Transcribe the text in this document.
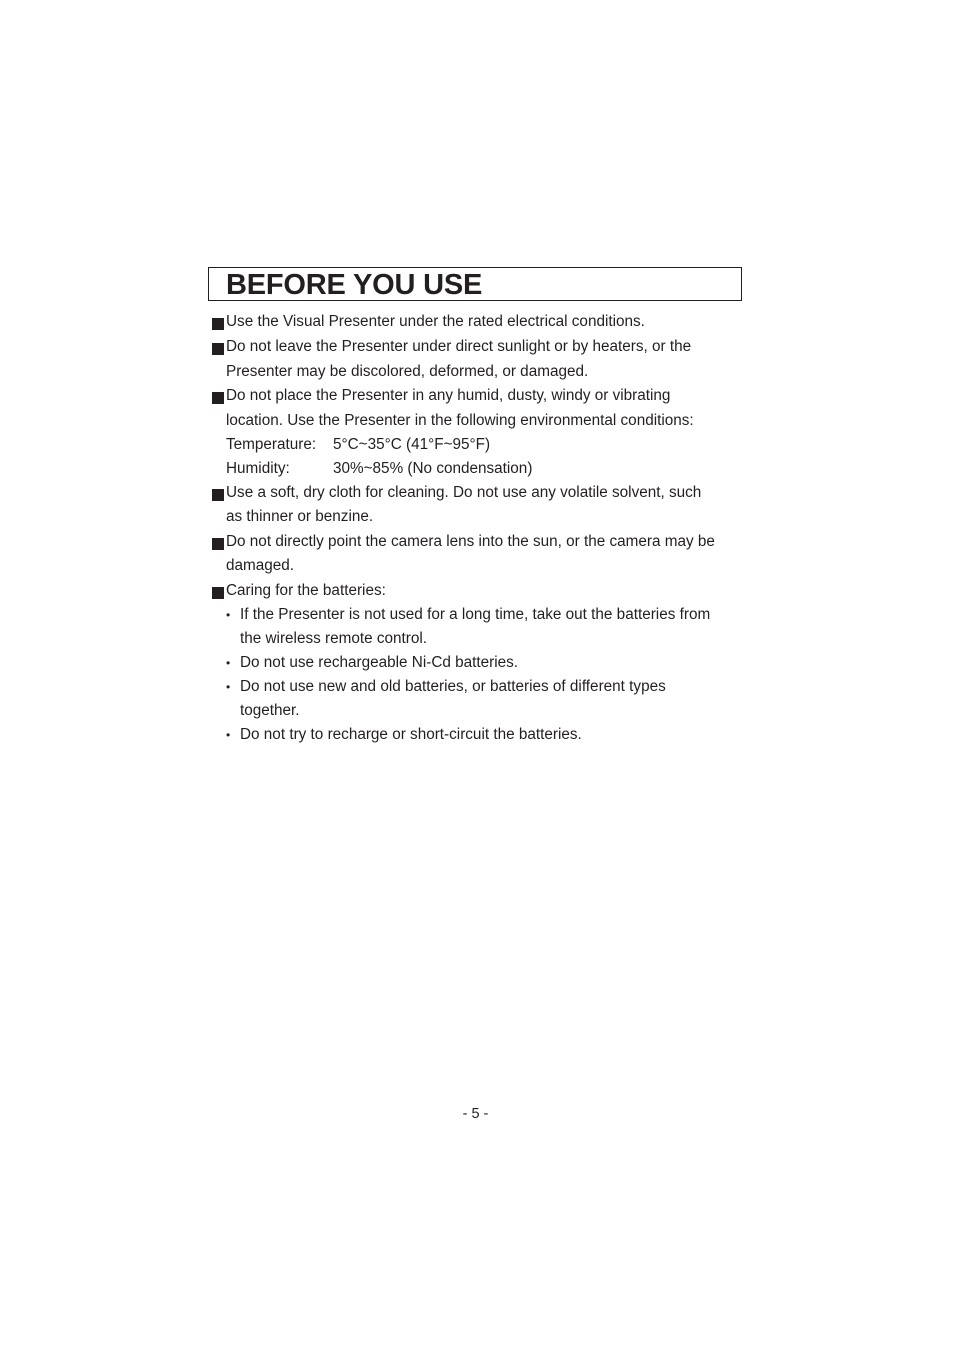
BEFORE YOU USE
Use the Visual Presenter under the rated electrical conditions.
Do not leave the Presenter under direct sunlight or by heaters, or the
Presenter may be discolored, deformed, or damaged.
Do not place the Presenter in any humid, dusty, windy or vibrating
location. Use the Presenter in the following environmental conditions:
Temperature: 5°C~35°C (41°F~95°F)
Humidity:	30%~85% (No condensation)
Use a soft, dry cloth for cleaning. Do not use any volatile solvent, such
as thinner or benzine.
Do not directly point the camera lens into the sun, or the camera may be
damaged.
Caring for the batteries:
• If the Presenter is not used for a long time, take out the batteries from
the wireless remote control.
• Do not use rechargeable Ni-Cd batteries.
• Do not use new and old batteries, or batteries of different types
together.
• Do not try to recharge or short-circuit the batteries.
- 5 -
